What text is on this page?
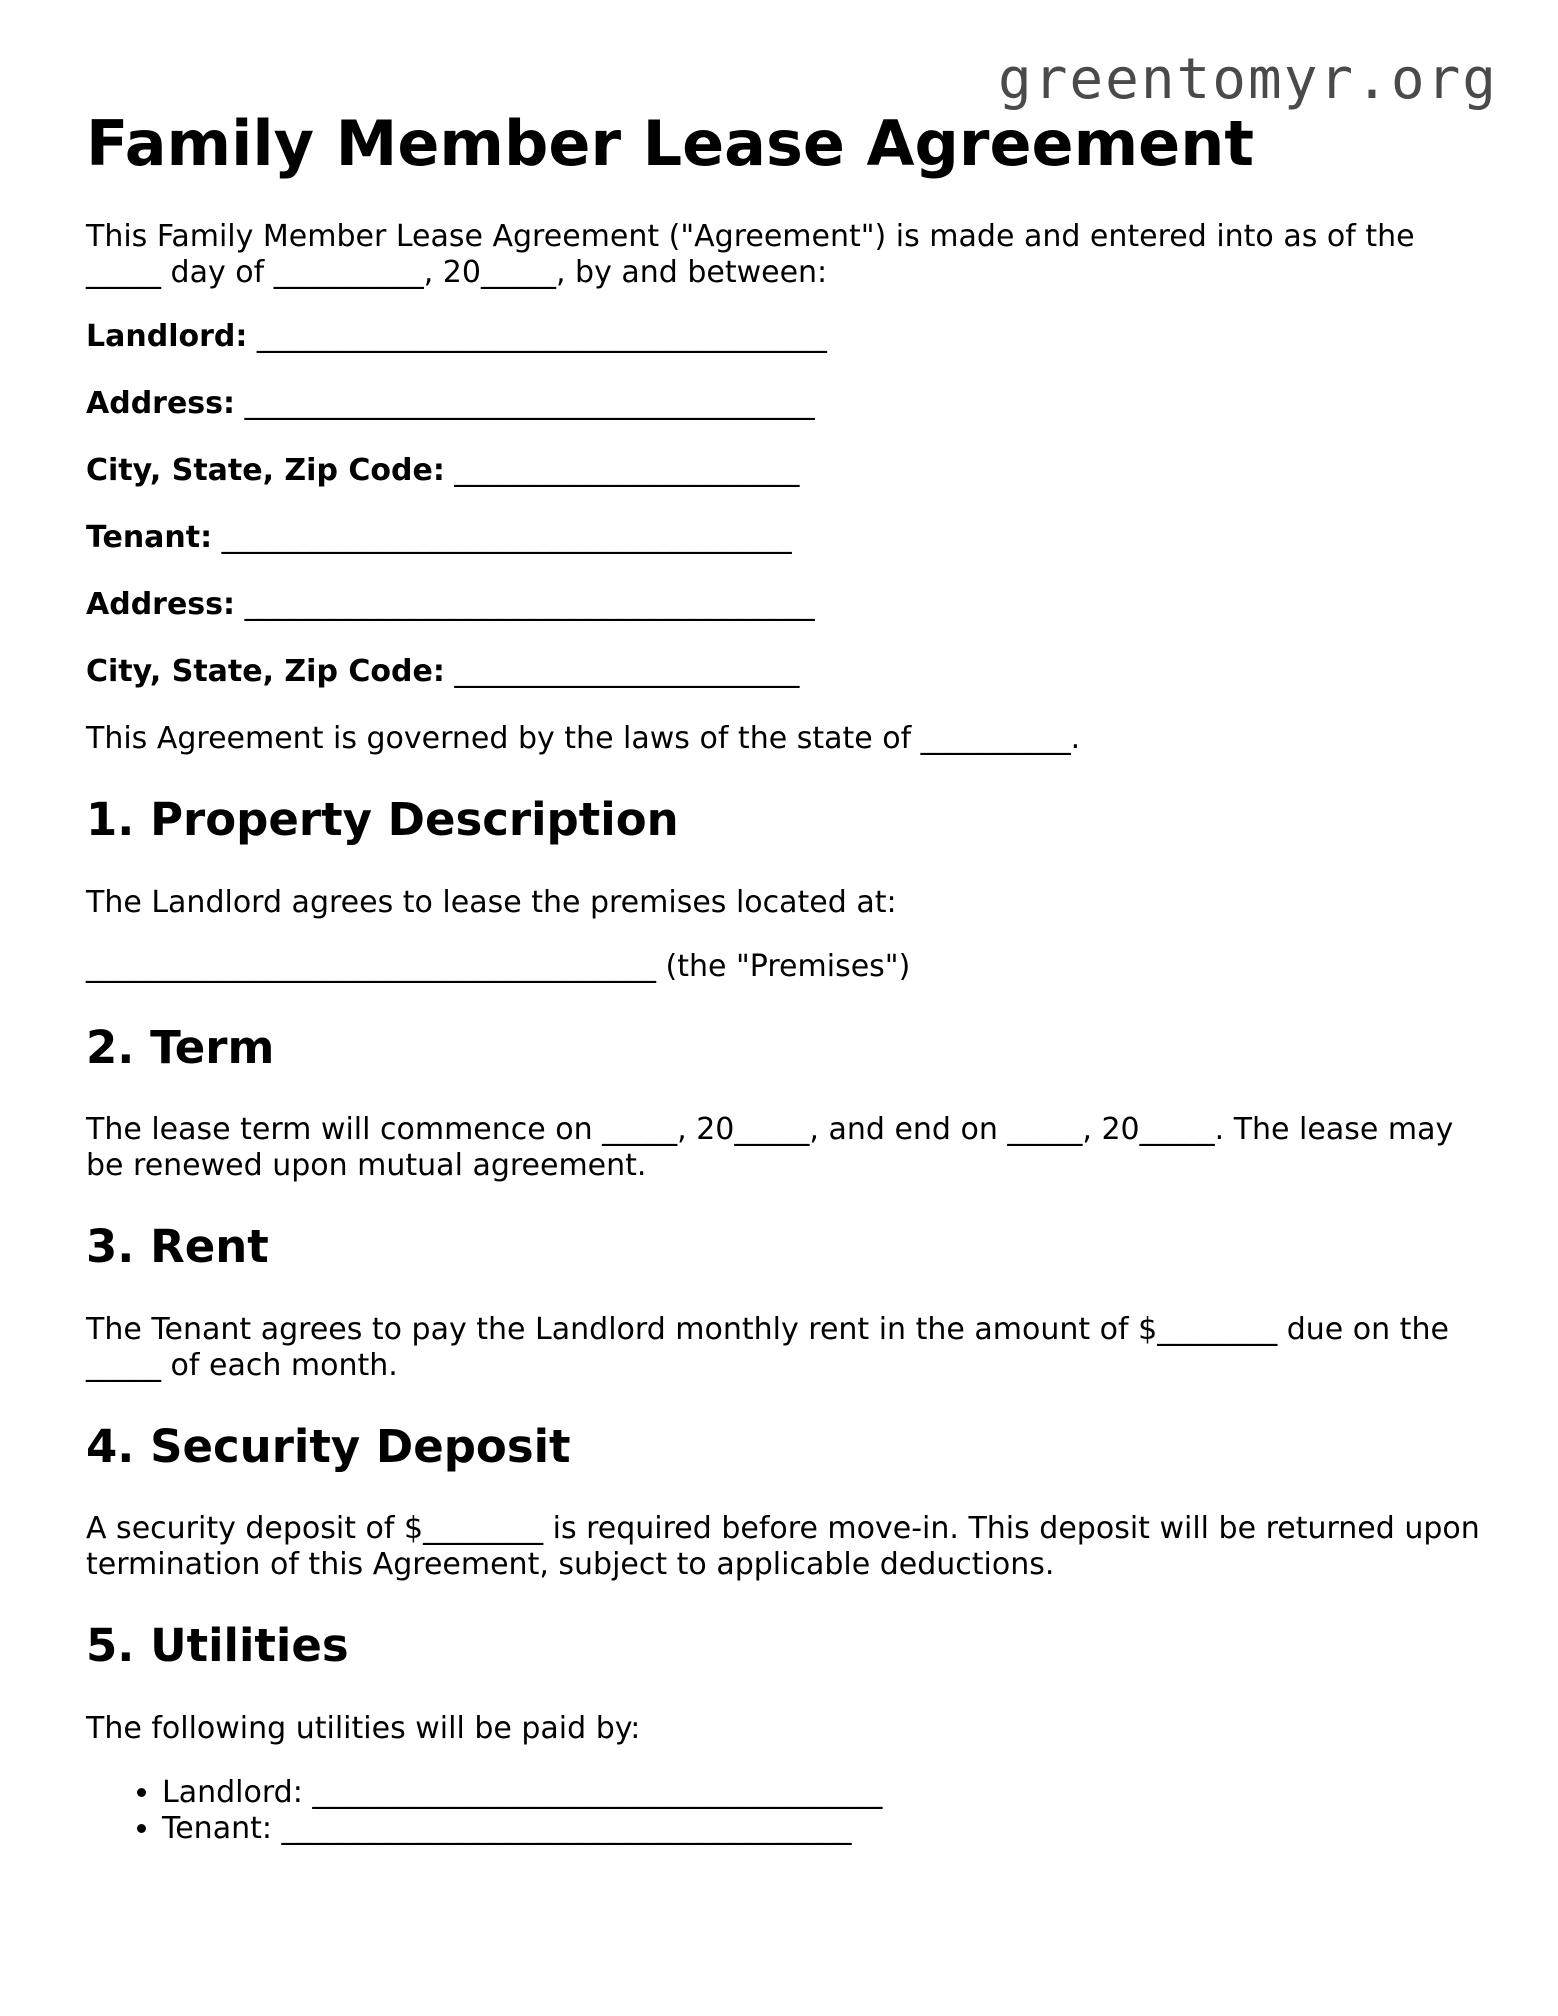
greentomyr.org
Family Member Lease Agreement

This Family Member Lease Agreement ("Agreement") is made and entered into as of the _____ day of __________, 20_____, by and between:

Landlord: ______________________________________
Address: ______________________________________
City, State, Zip Code: _______________________
Tenant: ______________________________________
Address: ______________________________________
City, State, Zip Code: _______________________

This Agreement is governed by the laws of the state of __________.

1. Property Description

The Landlord agrees to lease the premises located at:

______________________________________ (the "Premises")

2. Term

The lease term will commence on _____, 20_____, and end on _____, 20_____. The lease may be renewed upon mutual agreement.

3. Rent

The Tenant agrees to pay the Landlord monthly rent in the amount of $________ due on the _____ of each month.

4. Security Deposit

A security deposit of $________ is required before move-in. This deposit will be returned upon termination of this Agreement, subject to applicable deductions.

5. Utilities

The following utilities will be paid by:

• Landlord: ______________________________________
• Tenant: ______________________________________
